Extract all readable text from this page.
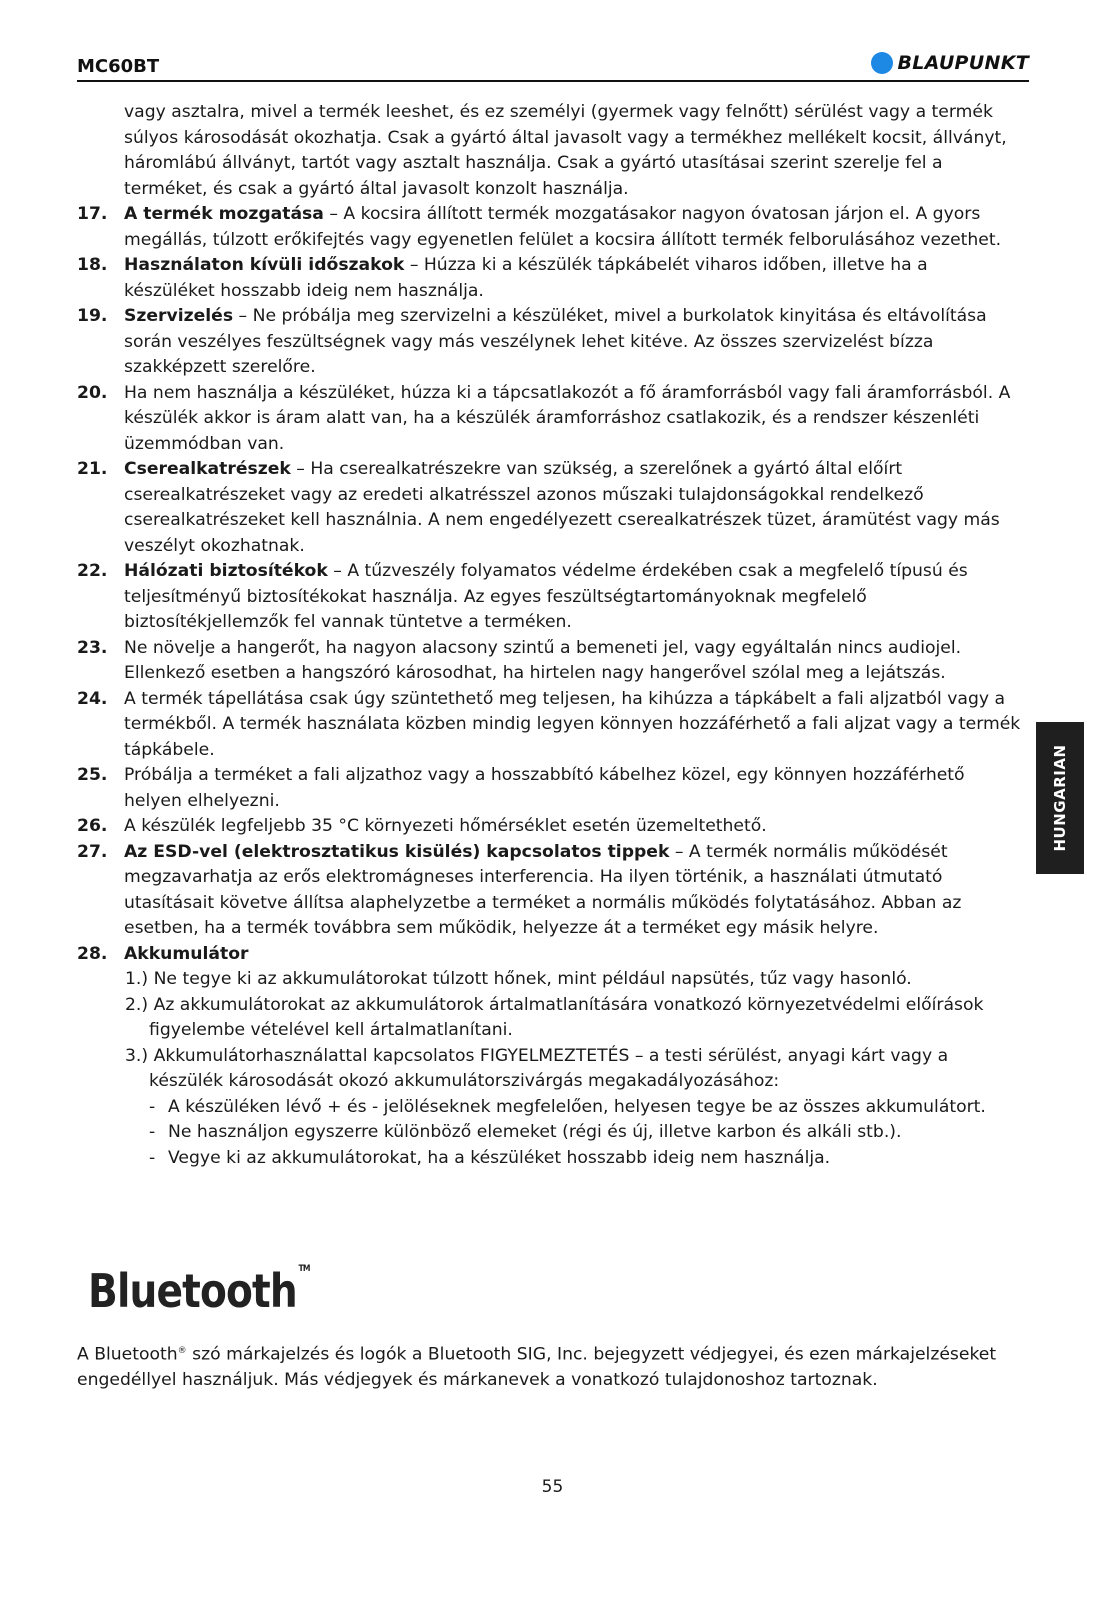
MC60BT	BLAUPUNKT
vagy asztalra, mivel a termék leeshet, és ez személyi (gyermek vagy felnőtt) sérülést vagy a termék súlyos károsodását okozhatja. Csak a gyártó által javasolt vagy a termékhez mellékelt kocsit, állványt, háromlábú állványt, tartót vagy asztalt használja. Csak a gyártó utasításai szerint szerelje fel a terméket, és csak a gyártó által javasolt konzolt használja.
17. A termék mozgatása – A kocsira állított termék mozgatásakor nagyon óvatosan járjon el. A gyors megállás, túlzott erőkifejtés vagy egyenetlen felület a kocsira állított termék felborulásához vezethet.
18. Használaton kívüli időszakok – Húzza ki a készülék tápkábelét viharos időben, illetve ha a készüléket hosszabb ideig nem használja.
19. Szervizelés – Ne próbálja meg szervizelni a készüléket, mivel a burkolatok kinyitása és eltávolítása során veszélyes feszültségnek vagy más veszélynek lehet kitéve. Az összes szervizelést bízza szakképzett szerelőre.
20. Ha nem használja a készüléket, húzza ki a tápcsatlakozót a fő áramforrásból vagy fali áramforrásból. A készülék akkor is áram alatt van, ha a készülék áramforráshoz csatlakozik, és a rendszer készenléti üzemmódban van.
21. Cserealkatrészek – Ha cserealkatrészekre van szükség, a szerelőnek a gyártó által előírt cserealkatrészeket vagy az eredeti alkatrésszel azonos műszaki tulajdonságokkal rendelkező cserealkatrészeket kell használnia. A nem engedélyezett cserealkatrészek tüzet, áramütést vagy más veszélyt okozhatnak.
22. Hálózati biztosítékok – A tűzveszély folyamatos védelme érdekében csak a megfelelő típusú és teljesítményű biztosítékokat használja. Az egyes feszültségtartományoknak megfelelő biztosítékjellemzők fel vannak tüntetve a terméken.
23. Ne növelje a hangerőt, ha nagyon alacsony szintű a bemeneti jel, vagy egyáltalán nincs audiojel. Ellenkező esetben a hangszóró károsodhat, ha hirtelen nagy hangerővel szólal meg a lejátszás.
24. A termék tápellátása csak úgy szüntethető meg teljesen, ha kihúzza a tápkábelt a fali aljzatból vagy a termékből. A termék használata közben mindig legyen könnyen hozzáférhető a fali aljzat vagy a termék tápkábele.
25. Próbálja a terméket a fali aljzathoz vagy a hosszabbító kábelhez közel, egy könnyen hozzáférhető helyen elhelyezni.
26. A készülék legfeljebb 35 °C környezeti hőmérséklet esetén üzemeltethető.
27. Az ESD-vel (elektrosztatikus kisülés) kapcsolatos tippek – A termék normális működését megzavarhatja az erős elektromágneses interferencia. Ha ilyen történik, a használati útmutató utasításait követve állítsa alaphelyzetbe a terméket a normális működés folytatásához. Abban az esetben, ha a termék továbbra sem működik, helyezze át a terméket egy másik helyre.
28. Akkumulátor
1.) Ne tegye ki az akkumulátorokat túlzott hőnek, mint például napsütés, tűz vagy hasonló.
2.) Az akkumulátorokat az akkumulátorok ártalmatlanítására vonatkozó környezetvédelmi előírások figyelembe vételével kell ártalmatlanítani.
3.) Akkumulátorhasználattal kapcsolatos FIGYELMEZTETÉS – a testi sérülést, anyagi kárt vagy a készülék károsodását okozó akkumulátorszivárgás megakadályozásához:
- A készüléken lévő + és - jelöléseknek megfelelően, helyesen tegye be az összes akkumulátort.
- Ne használjon egyszerre különböző elemeket (régi és új, illetve karbon és alkáli stb.).
- Vegye ki az akkumulátorokat, ha a készüléket hosszabb ideig nem használja.
HUNGARIAN
Bluetooth ™
A Bluetooth® szó márkajelzés és logók a Bluetooth SIG, Inc. bejegyzett védjegyei, és ezen márkajelzéseket engedéllyel használjuk. Más védjegyek és márkanevek a vonatkozó tulajdonoshoz tartoznak.
55
